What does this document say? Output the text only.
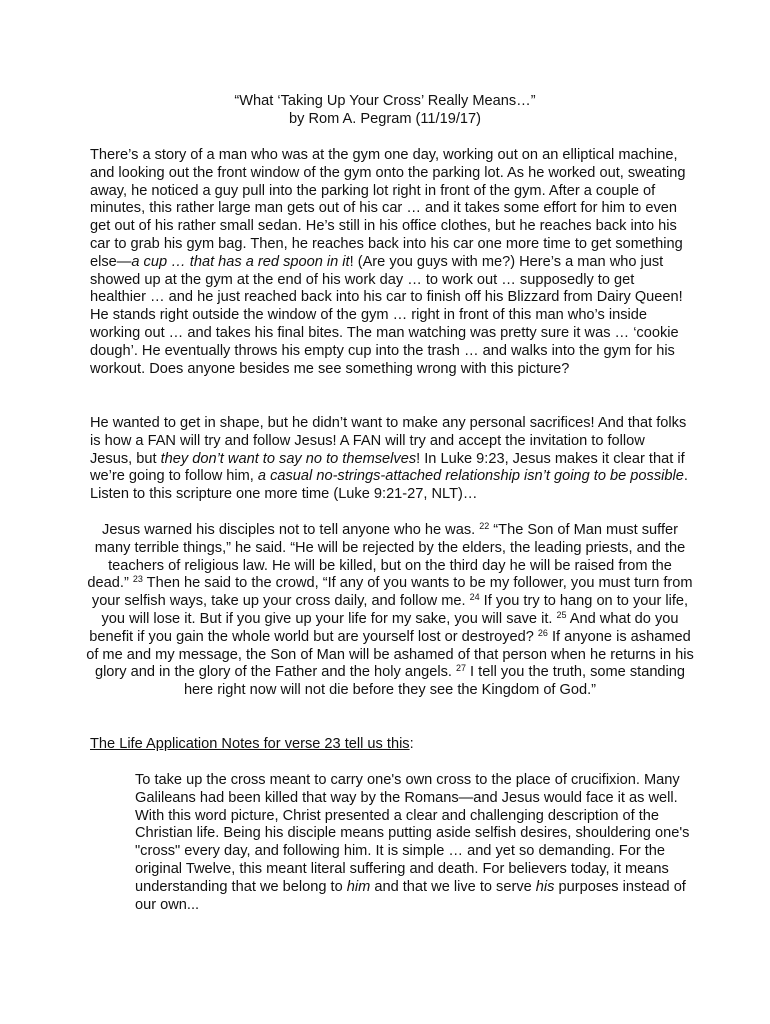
“What ‘Taking Up Your Cross’ Really Means…”
by Rom A. Pegram (11/19/17)
There’s a story of a man who was at the gym one day, working out on an elliptical machine, and looking out the front window of the gym onto the parking lot. As he worked out, sweating away, he noticed a guy pull into the parking lot right in front of the gym. After a couple of minutes, this rather large man gets out of his car … and it takes some effort for him to even get out of his rather small sedan. He’s still in his office clothes, but he reaches back into his car to grab his gym bag. Then, he reaches back into his car one more time to get something else—a cup … that has a red spoon in it! (Are you guys with me?) Here’s a man who just showed up at the gym at the end of his work day … to work out … supposedly to get healthier … and he just reached back into his car to finish off his Blizzard from Dairy Queen! He stands right outside the window of the gym … right in front of this man who’s inside working out … and takes his final bites. The man watching was pretty sure it was … ‘cookie dough’. He eventually throws his empty cup into the trash … and walks into the gym for his workout. Does anyone besides me see something wrong with this picture?
He wanted to get in shape, but he didn’t want to make any personal sacrifices! And that folks is how a FAN will try and follow Jesus! A FAN will try and accept the invitation to follow Jesus, but they don’t want to say no to themselves! In Luke 9:23, Jesus makes it clear that if we’re going to follow him, a casual no-strings-attached relationship isn’t going to be possible. Listen to this scripture one more time (Luke 9:21-27, NLT)…
Jesus warned his disciples not to tell anyone who he was. $^{22}$ “The Son of Man must suffer many terrible things,” he said. “He will be rejected by the elders, the leading priests, and the teachers of religious law. He will be killed, but on the third day he will be raised from the dead.” $^{23}$ Then he said to the crowd, “If any of you wants to be my follower, you must turn from your selfish ways, take up your cross daily, and follow me. $^{24}$ If you try to hang on to your life, you will lose it. But if you give up your life for my sake, you will save it. $^{25}$ And what do you benefit if you gain the whole world but are yourself lost or destroyed? $^{26}$ If anyone is ashamed of me and my message, the Son of Man will be ashamed of that person when he returns in his glory and in the glory of the Father and the holy angels. $^{27}$ I tell you the truth, some standing here right now will not die before they see the Kingdom of God.”
The Life Application Notes for verse 23 tell us this:
To take up the cross meant to carry one's own cross to the place of crucifixion. Many Galileans had been killed that way by the Romans—and Jesus would face it as well. With this word picture, Christ presented a clear and challenging description of the Christian life. Being his disciple means putting aside selfish desires, shouldering one's "cross" every day, and following him. It is simple … and yet so demanding. For the original Twelve, this meant literal suffering and death. For believers today, it means understanding that we belong to him and that we live to serve his purposes instead of our own...
